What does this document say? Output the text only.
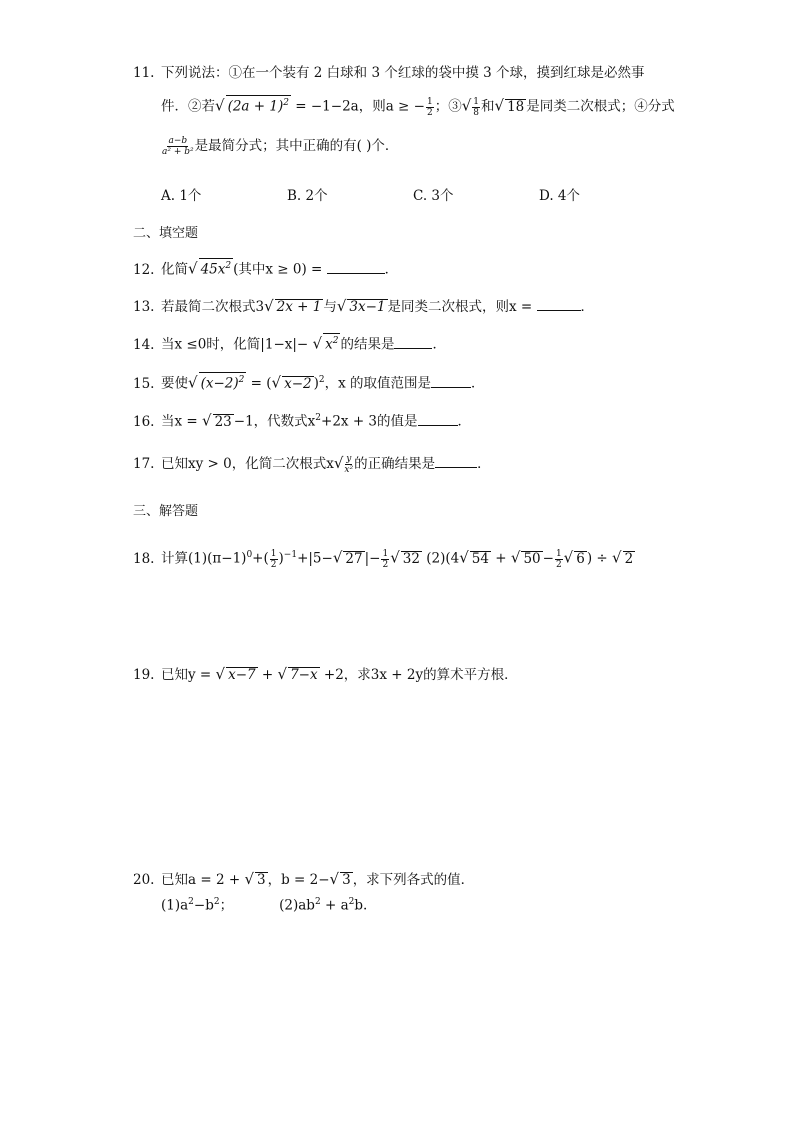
11. 下列说法：①在一个装有 2 白球和 3 个红球的袋中摸 3 个球，摸到红球是必然事
件．②若√ $(2a + 1)^2 = -1-2a$，则a ≥ − $\frac{1}{2}$ ；③√ $\frac{1}{8}$ 和√ 18 是同类二次根式；④分式
$\frac{a-b}{\text{a² + b²}}$ 是最简分式；其中正确的有( )个．
A. 1个	B. 2个	C. 3个	D. 4个
二、填空题
12. 化简√ $45x^2$ (其中x ≥ 0) =	．
13. 若最简二次根式3√ 2x + 1 与√ 3x−1 是同类二次根式，则x =	．
14. 当x ≤0时，化简|1−x|− √ $x^2$ 的结果是	．
15. 要使√ $(x-2)^2$ = (√ x−2 )$^2$，x 的取值范围是	．
16. 当x = √ 23 −1，代数式$x^2+2x + 3$的值是	．
17. 已知xy > 0，化简二次根式$x√ \frac{y}{\text{x²}}$ 的正确结果是	．
三、解答题
18. 计算$(1)(\pi-1)^0+( \frac{1}{2} )^{-1}+|5-√$ 27 |− $\frac{1}{2}$ √ 32 (2)(4√ 54 + √ $50 - \frac{1}{2}$ √ 6 ) ÷ √ 2
19. 已知y = √ x−7 + √ 7−x +2，求3x + 2y的算术平方根．
20. 已知a = 2 + √ 3 ，b = 2−√ 3 ，求下列各式的值．
$(1)a^2-b^2$；	$(2)ab^2 + a^2b$.
